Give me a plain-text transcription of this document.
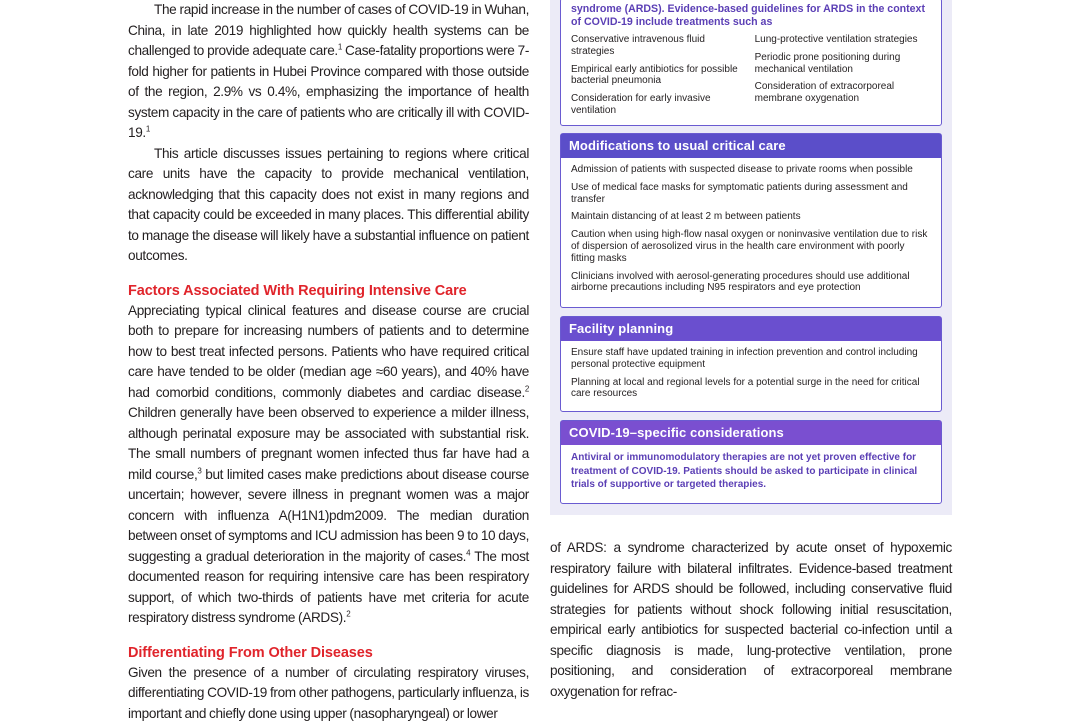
The rapid increase in the number of cases of COVID-19 in Wuhan, China, in late 2019 highlighted how quickly health systems can be challenged to provide adequate care.$^1$ Case-fatality proportions were 7-fold higher for patients in Hubei Province compared with those outside of the region, 2.9% vs 0.4%, emphasizing the importance of health system capacity in the care of patients who are critically ill with COVID-19.$^1$

This article discusses issues pertaining to regions where critical care units have the capacity to provide mechanical ventilation, acknowledging that this capacity does not exist in many regions and that capacity could be exceeded in many places. This differential ability to manage the disease will likely have a substantial influence on patient outcomes.

Factors Associated With Requiring Intensive Care

Appreciating typical clinical features and disease course are crucial both to prepare for increasing numbers of patients and to determine how to best treat infected persons. Patients who have required critical care have tended to be older (median age ≈60 years), and 40% have had comorbid conditions, commonly diabetes and cardiac disease.$^2$ Children generally have been observed to experience a milder illness, although perinatal exposure may be associated with substantial risk. The small numbers of pregnant women infected thus far have had a mild course,$^3$ but limited cases make predictions about disease course uncertain; however, severe illness in pregnant women was a major concern with influenza A(H1N1)pdm2009. The median duration between onset of symptoms and ICU admission has been 9 to 10 days, suggesting a gradual deterioration in the majority of cases.$^4$ The most documented reason for requiring intensive care has been respiratory support, of which two-thirds of patients have met criteria for acute respiratory distress syndrome (ARDS).$^2$

Differentiating From Other Diseases

Given the presence of a number of circulating respiratory viruses, differentiating COVID-19 from other pathogens, particularly influenza, is important and chiefly done using upper (nasopharyngeal) or lower

syndrome (ARDS). Evidence-based guidelines for ARDS in the context of COVID-19 include treatments such as
Conservative intravenous fluid strategies
Empirical early antibiotics for possible bacterial pneumonia
Consideration for early invasive ventilation
Lung-protective ventilation strategies
Periodic prone positioning during mechanical ventilation
Consideration of extracorporeal membrane oxygenation
Modifications to usual critical care
Admission of patients with suspected disease to private rooms when possible
Use of medical face masks for symptomatic patients during assessment and transfer
Maintain distancing of at least 2 m between patients
Caution when using high-flow nasal oxygen or noninvasive ventilation due to risk of dispersion of aerosolized virus in the health care environment with poorly fitting masks
Clinicians involved with aerosol-generating procedures should use additional airborne precautions including N95 respirators and eye protection
Facility planning
Ensure staff have updated training in infection prevention and control including personal protective equipment
Planning at local and regional levels for a potential surge in the need for critical care resources
COVID-19–specific considerations
Antiviral or immunomodulatory therapies are not yet proven effective for treatment of COVID-19. Patients should be asked to participate in clinical trials of supportive or targeted therapies.

of ARDS: a syndrome characterized by acute onset of hypoxemic respiratory failure with bilateral infiltrates. Evidence-based treatment guidelines for ARDS should be followed, including conservative fluid strategies for patients without shock following initial resuscitation, empirical early antibiotics for suspected bacterial co-infection until a specific diagnosis is made, lung-protective ventilation, prone positioning, and consideration of extracorporeal membrane oxygenation for refrac-
